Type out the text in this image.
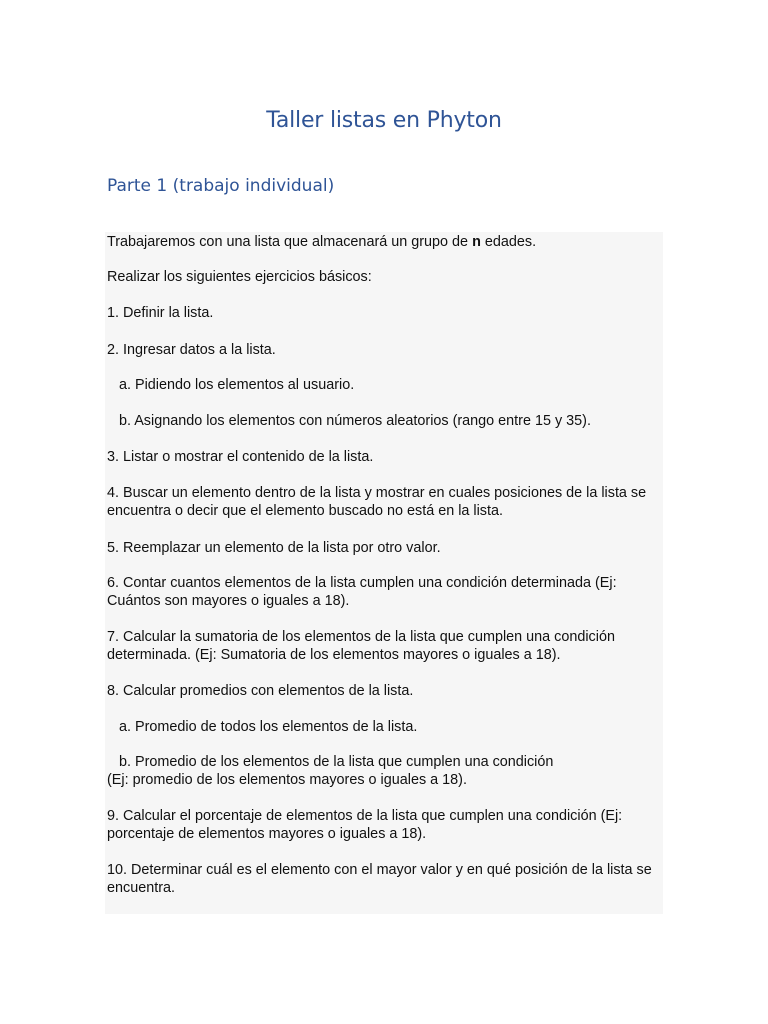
Taller listas en Phyton
Parte 1 (trabajo individual)

Trabajaremos con una lista que almacenará un grupo de n edades.

Realizar los siguientes ejercicios básicos:

1. Definir la lista.

2. Ingresar datos a la lista.

a. Pidiendo los elementos al usuario.

b. Asignando los elementos con números aleatorios (rango entre 15 y 35).

3. Listar o mostrar el contenido de la lista.

4. Buscar un elemento dentro de la lista y mostrar en cuales posiciones de la lista se encuentra o decir que el elemento buscado no está en la lista.

5. Reemplazar un elemento de la lista por otro valor.

6. Contar cuantos elementos de la lista cumplen una condición determinada (Ej: Cuántos son mayores o iguales a 18).

7. Calcular la sumatoria de los elementos de la lista que cumplen una condición determinada. (Ej: Sumatoria de los elementos mayores o iguales a 18).

8. Calcular promedios con elementos de la lista.

a. Promedio de todos los elementos de la lista.

b. Promedio de los elementos de la lista que cumplen una condición

(Ej: promedio de los elementos mayores o iguales a 18).

9. Calcular el porcentaje de elementos de la lista que cumplen una condición (Ej: porcentaje de elementos mayores o iguales a 18).

10. Determinar cuál es el elemento con el mayor valor y en qué posición de la lista se encuentra.
